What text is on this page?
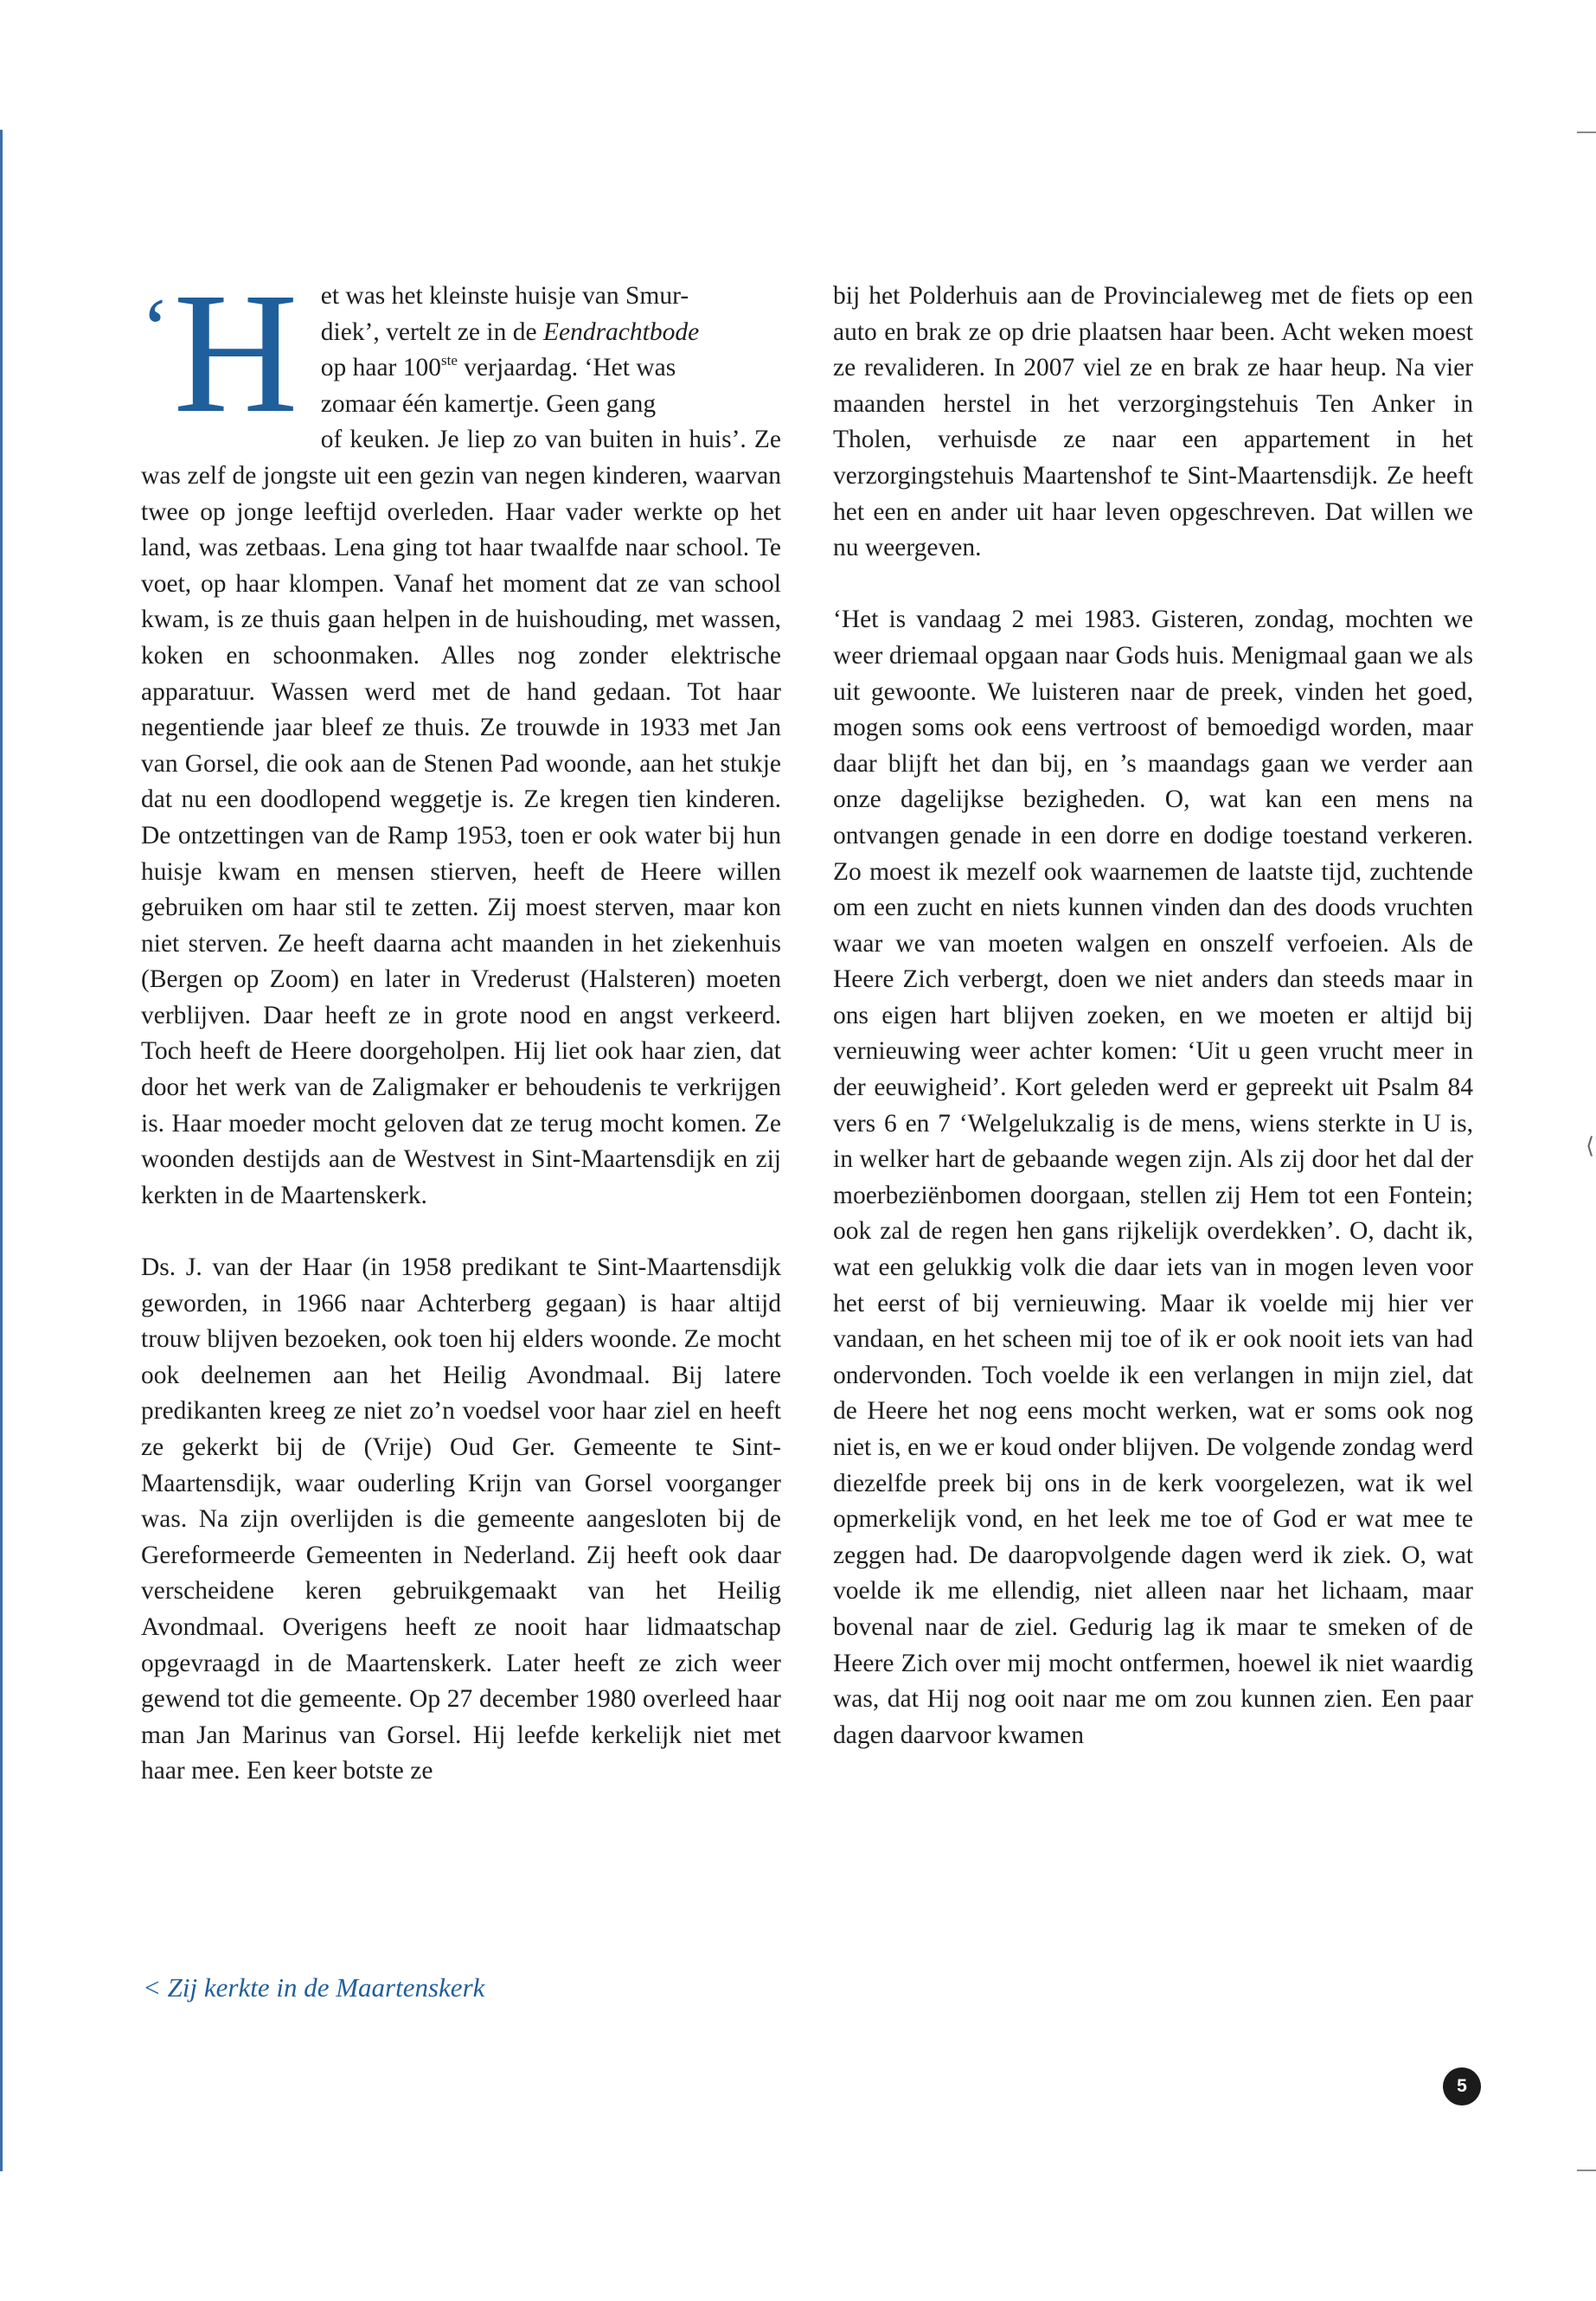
‘H et was het kleinste huisje van Smur-
diek’, vertelt ze in de Eendrachtbode
op haar 100ste verjaardag. ‘Het was
zomaar één kamertje. Geen gang
of keuken. Je liep zo van buiten in huis’. Ze was zelf de jongste uit een gezin van negen kinderen, waarvan twee op jonge leeftijd overleden. Haar vader werkte op het land, was zetbaas. Lena ging tot haar twaalfde naar school. Te voet, op haar klompen. Vanaf het moment dat ze van school kwam, is ze thuis gaan helpen in de huishouding, met wassen, koken en schoonmaken. Alles nog zonder elektrische apparatuur. Wassen werd met de hand gedaan. Tot haar negentiende jaar bleef ze thuis. Ze trouwde in 1933 met Jan van Gorsel, die ook aan de Stenen Pad woonde, aan het stukje dat nu een doodlopend weggetje is. Ze kregen tien kinderen. De ontzettingen van de Ramp 1953, toen er ook water bij hun huisje kwam en mensen stierven, heeft de Heere willen gebruiken om haar stil te zetten. Zij moest sterven, maar kon niet sterven. Ze heeft daarna acht maanden in het ziekenhuis (Bergen op Zoom) en later in Vrederust (Halsteren) moeten verblijven. Daar heeft ze in grote nood en angst verkeerd. Toch heeft de Heere doorgeholpen. Hij liet ook haar zien, dat door het werk van de Zaligmaker er behoudenis te verkrijgen is. Haar moeder mocht geloven dat ze terug mocht komen. Ze woonden destijds aan de Westvest in Sint-Maartensdijk en zij kerkten in de Maartenskerk.

Ds. J. van der Haar (in 1958 predikant te Sint-Maartensdijk geworden, in 1966 naar Achterberg gegaan) is haar altijd trouw blijven bezoeken, ook toen hij elders woonde. Ze mocht ook deelnemen aan het Heilig Avondmaal. Bij latere predikanten kreeg ze niet zo’n voedsel voor haar ziel en heeft ze gekerkt bij de (Vrije) Oud Ger. Gemeente te Sint-Maartensdijk, waar ouderling Krijn van Gorsel voorganger was. Na zijn overlijden is die gemeente aangesloten bij de Gereformeerde Gemeenten in Nederland. Zij heeft ook daar verscheidene keren gebruikgemaakt van het Heilig Avondmaal. Overigens heeft ze nooit haar lidmaatschap opgevraagd in de Maartenskerk. Later heeft ze zich weer gewend tot die gemeente. Op 27 december 1980 overleed haar man Jan Marinus van Gorsel. Hij leefde kerkelijk niet met haar mee. Een keer botste ze

bij het Polderhuis aan de Provincialeweg met de fiets op een auto en brak ze op drie plaatsen haar been. Acht weken moest ze revalideren. In 2007 viel ze en brak ze haar heup. Na vier maanden herstel in het verzorgingstehuis Ten Anker in Tholen, verhuisde ze naar een appartement in het verzorgingstehuis Maartenshof te Sint-Maartensdijk. Ze heeft het een en ander uit haar leven opgeschreven. Dat willen we nu weergeven.

‘Het is vandaag 2 mei 1983. Gisteren, zondag, mochten we weer driemaal opgaan naar Gods huis. Menigmaal gaan we als uit gewoonte. We luisteren naar de preek, vinden het goed, mogen soms ook eens vertroost of bemoedigd worden, maar daar blijft het dan bij, en ’s maandags gaan we verder aan onze dagelijkse bezigheden. O, wat kan een mens na ontvangen genade in een dorre en dodige toestand verkeren. Zo moest ik mezelf ook waarnemen de laatste tijd, zuchtende om een zucht en niets kunnen vinden dan des doods vruchten waar we van moeten walgen en onszelf verfoeien. Als de Heere Zich verbergt, doen we niet anders dan steeds maar in ons eigen hart blijven zoeken, en we moeten er altijd bij vernieuwing weer achter komen: ‘Uit u geen vrucht meer in der eeuwigheid’. Kort geleden werd er gepreekt uit Psalm 84 vers 6 en 7 ‘Welgelukzalig is de mens, wiens sterkte in U is, in welker hart de gebaande wegen zijn. Als zij door het dal der moerbeziënbomen doorgaan, stellen zij Hem tot een Fontein; ook zal de regen hen gans rijkelijk overdekken’. O, dacht ik, wat een gelukkig volk die daar iets van in mogen leven voor het eerst of bij vernieuwing. Maar ik voelde mij hier ver vandaan, en het scheen mij toe of ik er ook nooit iets van had ondervonden. Toch voelde ik een verlangen in mijn ziel, dat de Heere het nog eens mocht werken, wat er soms ook nog niet is, en we er koud onder blijven. De volgende zondag werd diezelfde preek bij ons in de kerk voorgelezen, wat ik wel opmerkelijk vond, en het leek me toe of God er wat mee te zeggen had. De daaropvolgende dagen werd ik ziek. O, wat voelde ik me ellendig, niet alleen naar het lichaam, maar bovenal naar de ziel. Gedurig lag ik maar te smeken of de Heere Zich over mij mocht ontfermen, hoewel ik niet waardig was, dat Hij nog ooit naar me om zou kunnen zien. Een paar dagen daarvoor kwamen

< Zij kerkte in de Maartenskerk
5
⟨
